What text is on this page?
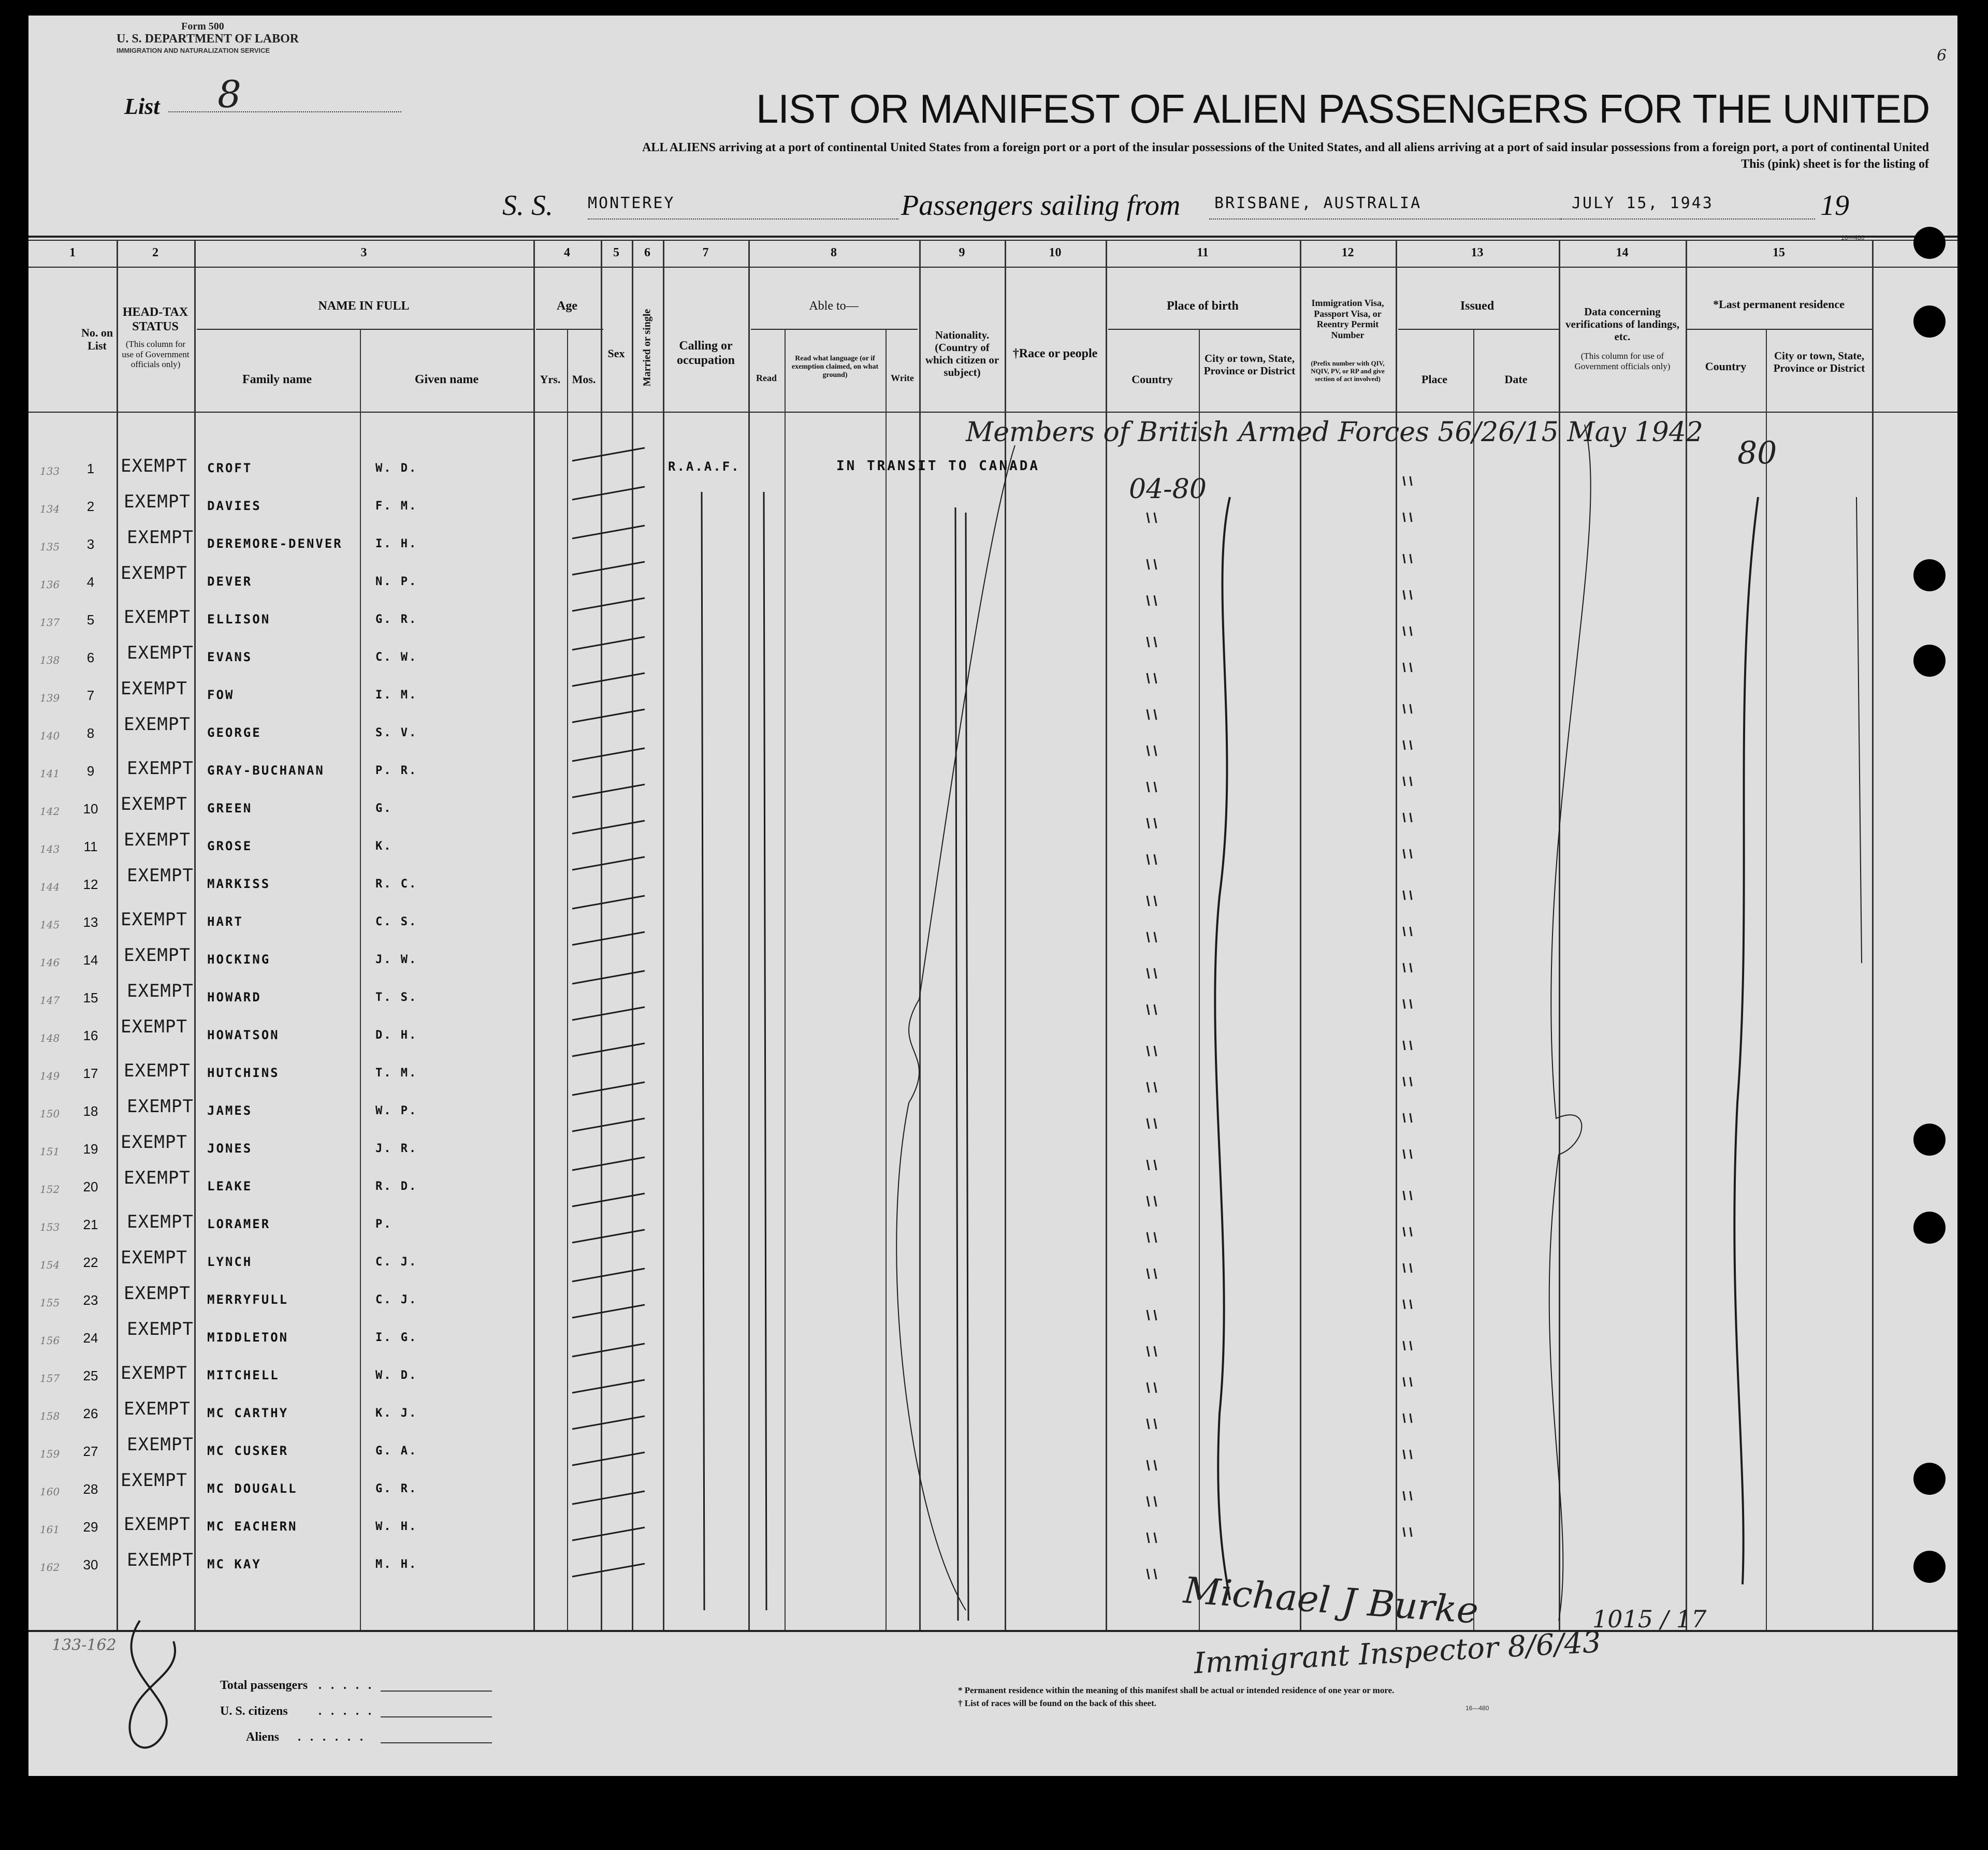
Form 500
U. S. DEPARTMENT OF LABOR
IMMIGRATION AND NATURALIZATION SERVICE
List 8
6
LIST OR MANIFEST OF ALIEN PASSENGERS FOR THE UNITED
ALL ALIENS arriving at a port of continental United States from a foreign port or a port of the insular possessions of the United States, and all aliens arriving at a port of said insular possessions from a foreign port, a port of continental United
This (pink) sheet is for the listing of
S. S. MONTEREY	Passengers sailing from BRISBANE, AUSTRALIA	JULY 15, 1943	19
16—480
1	2	3	4	5	6	7	8	9	10	11	12	13	14	15
No. on List
HEAD-TAX STATUS
(This column for use of Government officials only)
NAME IN FULL
Family name	Given name
Age
Yrs.	Mos.
Sex	Married or single	Calling or occupation
Able to—
Read
Read what language (or if exemption claimed, on what ground)	Write
Nationality. (Country of which citizen or subject)
†Race or people
Place of birth
Country
City or town, State, Province or District
Immigration Visa, Passport Visa, or Reentry Permit Number
(Prefix number with QIV, NQIV, PV, or RP and give section of act involved)
Issued
Place	Date
Data concerning verifications of landings, etc.
(This column for use of Government officials only)
*Last permanent residence
Country
City or town, State, Province or District
Members of British Armed Forces 56/26/15 May 1942
R.A.A.F.	IN TRANSIT TO CANADA
04-80
80
Michael J Burke
Immigrant Inspector 8/6/43
1015 / 17
133-162
133	1	EXEMPT CROFT	W. D.
134	2	EXEMPT DAVIES	F. M.
135	3	EXEMPT DEREMORE-DENVER	I. H.
136	4	EXEMPT DEVER	N. P.
137	5	EXEMPT ELLISON	G. R.
138	6	EXEMPT EVANS	C. W.
139	7	EXEMPT FOW	I. M.
140	8	EXEMPT GEORGE	S. V.
141	9	EXEMPT GRAY-BUCHANAN	P. R.
142	10	EXEMPT GREEN	G.
143	11	EXEMPT GROSE	K.
144	12	EXEMPT MARKISS	R. C.
145	13	EXEMPT HART	C. S.
146	14	EXEMPT HOCKING	J. W.
147	15	EXEMPT HOWARD	T. S.
148	16	EXEMPT HOWATSON	D. H.
149	17	EXEMPT HUTCHINS	T. M.
150	18	EXEMPT JAMES	W. P.
151	19	EXEMPT JONES	J. R.
152	20	EXEMPT LEAKE	R. D.
153	21	EXEMPT LORAMER	P.
154	22	EXEMPT LYNCH	C. J.
155	23	EXEMPT MERRYFULL	C. J.
156	24	EXEMPT MIDDLETON	I. G.
157	25	EXEMPT MITCHELL	W. D.
158	26	EXEMPT MC CARTHY	K. J.
159	27	EXEMPT MC CUSKER	G. A.
160	28	EXEMPT MC DOUGALL	G. R.
161	29	EXEMPT MC EACHERN	W. H.
162	30	EXEMPT MC KAY	M. H.
Total passengers . . . . .
U. S. citizens . . . . .
Aliens . . . . . .
* Permanent residence within the meaning of this manifest shall be actual or intended residence of one year or more.
† List of races will be found on the back of this sheet.	16—480
